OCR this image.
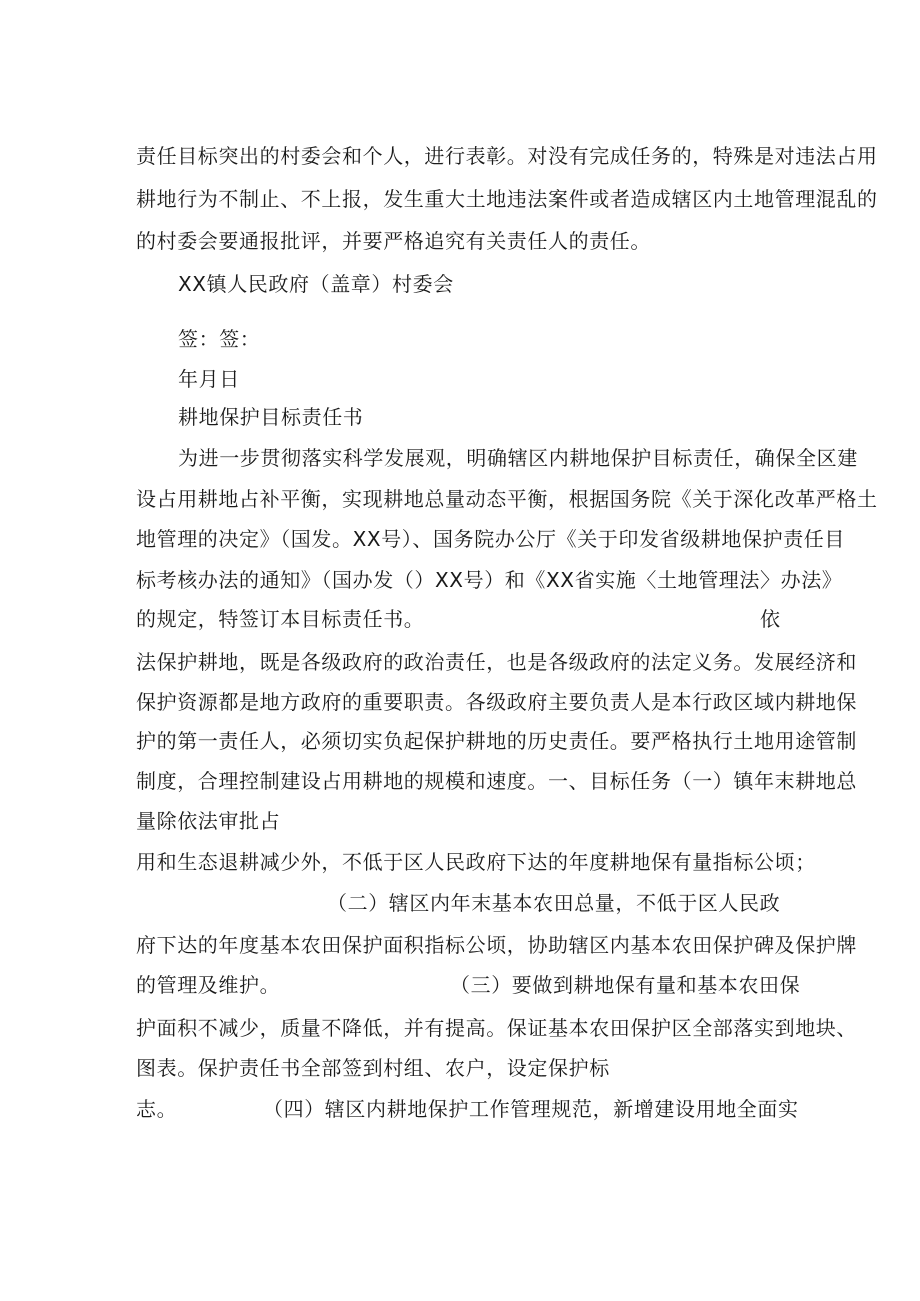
责任目标突出的村委会和个人，进行表彰。对没有完成任务的，特殊是对违法占用
耕地行为不制止、不上报，发生重大土地违法案件或者造成辖区内土地管理混乱的
的村委会要通报批评，并要严格追究有关责任人的责任。
XX镇人民政府（盖章）村委会
签：签：
年月日
耕地保护目标责任书
为进一步贯彻落实科学发展观，明确辖区内耕地保护目标责任，确保全区建
设占用耕地占补平衡，实现耕地总量动态平衡，根据国务院《关于深化改革严格土
地管理的决定》（国发。XX号）、国务院办公厅《关于印发省级耕地保护责任目
标考核办法的通知》（国办发（）XX号）和《XX省实施〈土地管理法〉办法》
的规定，特签订本目标责任书。	依
法保护耕地，既是各级政府的政治责任，也是各级政府的法定义务。发展经济和
保护资源都是地方政府的重要职责。各级政府主要负责人是本行政区域内耕地保
护的第一责任人，必须切实负起保护耕地的历史责任。要严格执行土地用途管制
制度，合理控制建设占用耕地的规模和速度。一、目标任务（一）镇年末耕地总
量除依法审批占
用和生态退耕减少外，不低于区人民政府下达的年度耕地保有量指标公顷；
（二）辖区内年末基本农田总量，不低于区人民政
府下达的年度基本农田保护面积指标公顷，协助辖区内基本农田保护碑及保护牌
的管理及维护。	（三）要做到耕地保有量和基本农田保
护面积不减少，质量不降低，并有提高。保证基本农田保护区全部落实到地块、
图表。保护责任书全部签到村组、农户，设定保护标
志。	（四）辖区内耕地保护工作管理规范，新增建设用地全面实
